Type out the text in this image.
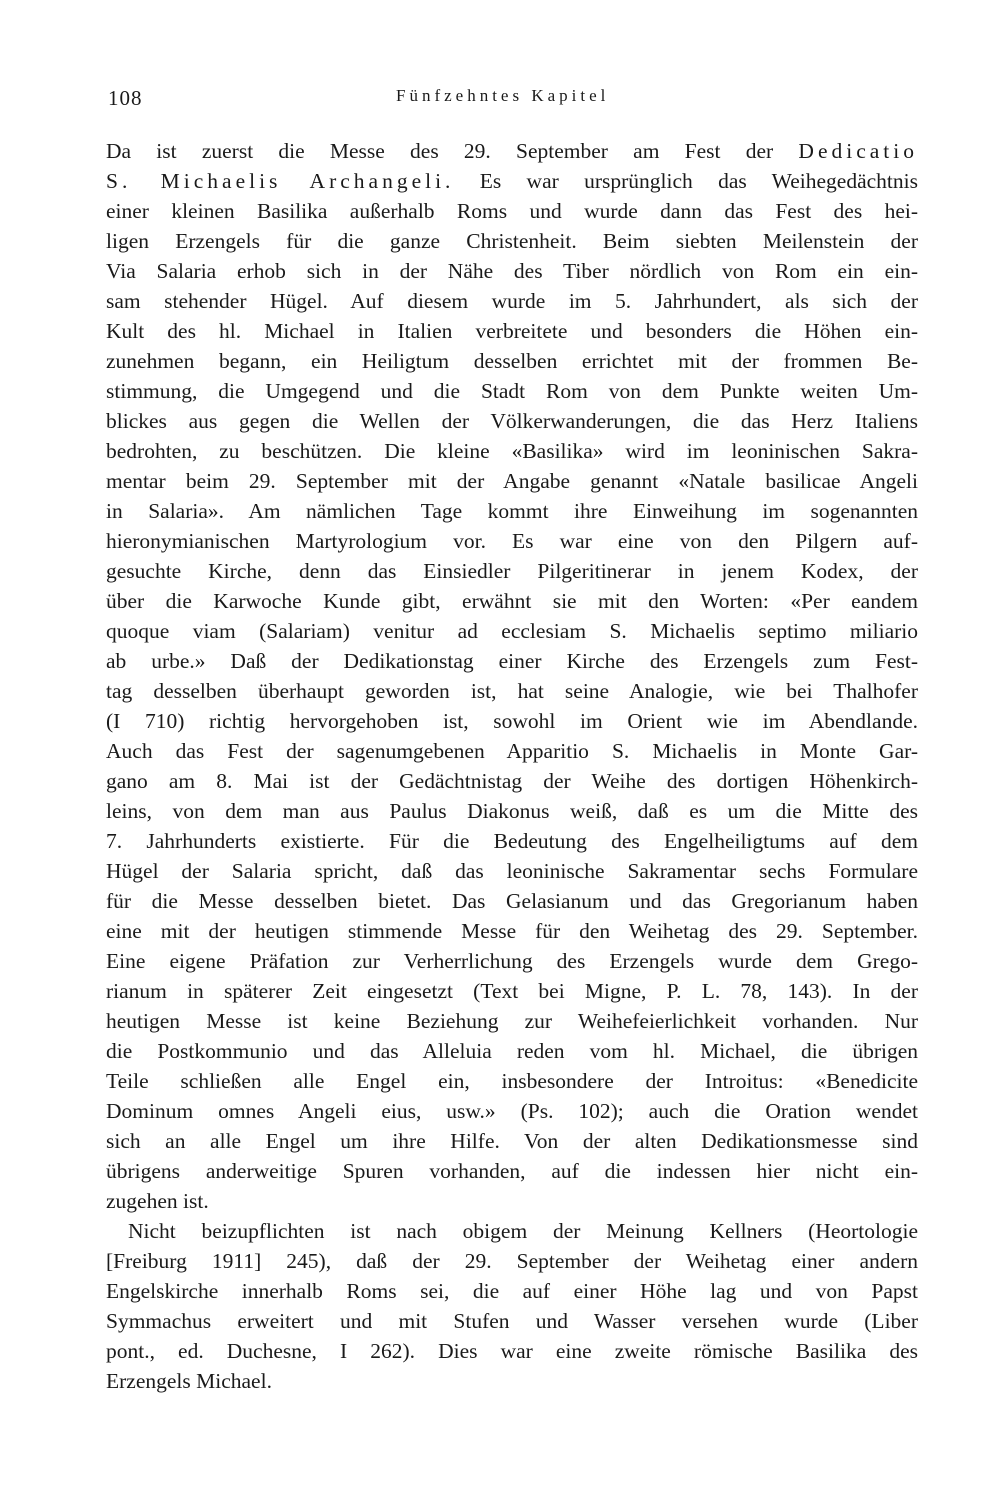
108	Fünfzehntes Kapitel
Da ist zuerst die Messe des 29. September am Fest der Dedicatio
S. Michaelis Archangeli. Es war ursprünglich das Weihegedächtnis
einer kleinen Basilika außerhalb Roms und wurde dann das Fest des hei-
ligen Erzengels für die ganze Christenheit. Beim siebten Meilenstein der
Via Salaria erhob sich in der Nähe des Tiber nördlich von Rom ein ein-
sam stehender Hügel. Auf diesem wurde im 5. Jahrhundert, als sich der
Kult des hl. Michael in Italien verbreitete und besonders die Höhen ein-
zunehmen begann, ein Heiligtum desselben errichtet mit der frommen Be-
stimmung, die Umgegend und die Stadt Rom von dem Punkte weiten Um-
blickes aus gegen die Wellen der Völkerwanderungen, die das Herz Italiens
bedrohten, zu beschützen. Die kleine «Basilika» wird im leoninischen Sakra-
mentar beim 29. September mit der Angabe genannt «Natale basilicae Angeli
in Salaria». Am nämlichen Tage kommt ihre Einweihung im sogenannten
hieronymianischen Martyrologium vor. Es war eine von den Pilgern auf-
gesuchte Kirche, denn das Einsiedler Pilgeritinerar in jenem Kodex, der
über die Karwoche Kunde gibt, erwähnt sie mit den Worten: «Per eandem
quoque viam (Salariam) venitur ad ecclesiam S. Michaelis septimo miliario
ab urbe.» Daß der Dedikationstag einer Kirche des Erzengels zum Fest-
tag desselben überhaupt geworden ist, hat seine Analogie, wie bei Thalhofer
(I 710) richtig hervorgehoben ist, sowohl im Orient wie im Abendlande.
Auch das Fest der sagenumgebenen Apparitio S. Michaelis in Monte Gar-
gano am 8. Mai ist der Gedächtnistag der Weihe des dortigen Höhenkirch-
leins, von dem man aus Paulus Diakonus weiß, daß es um die Mitte des
7. Jahrhunderts existierte. Für die Bedeutung des Engelheiligtums auf dem
Hügel der Salaria spricht, daß das leoninische Sakramentar sechs Formulare
für die Messe desselben bietet. Das Gelasianum und das Gregorianum haben
eine mit der heutigen stimmende Messe für den Weihetag des 29. September.
Eine eigene Präfation zur Verherrlichung des Erzengels wurde dem Grego-
rianum in späterer Zeit eingesetzt (Text bei Migne, P. L. 78, 143). In der
heutigen Messe ist keine Beziehung zur Weihefeierlichkeit vorhanden. Nur
die Postkommunio und das Alleluia reden vom hl. Michael, die übrigen
Teile schließen alle Engel ein, insbesondere der Introitus: «Benedicite
Dominum omnes Angeli eius, usw.» (Ps. 102); auch die Oration wendet
sich an alle Engel um ihre Hilfe. Von der alten Dedikationsmesse sind
übrigens anderweitige Spuren vorhanden, auf die indessen hier nicht ein-
zugehen ist.
Nicht beizupflichten ist nach obigem der Meinung Kellners (Heortologie
[Freiburg 1911] 245), daß der 29. September der Weihetag einer andern
Engelskirche innerhalb Roms sei, die auf einer Höhe lag und von Papst
Symmachus erweitert und mit Stufen und Wasser versehen wurde (Liber
pont., ed. Duchesne, I 262). Dies war eine zweite römische Basilika des
Erzengels Michael.
